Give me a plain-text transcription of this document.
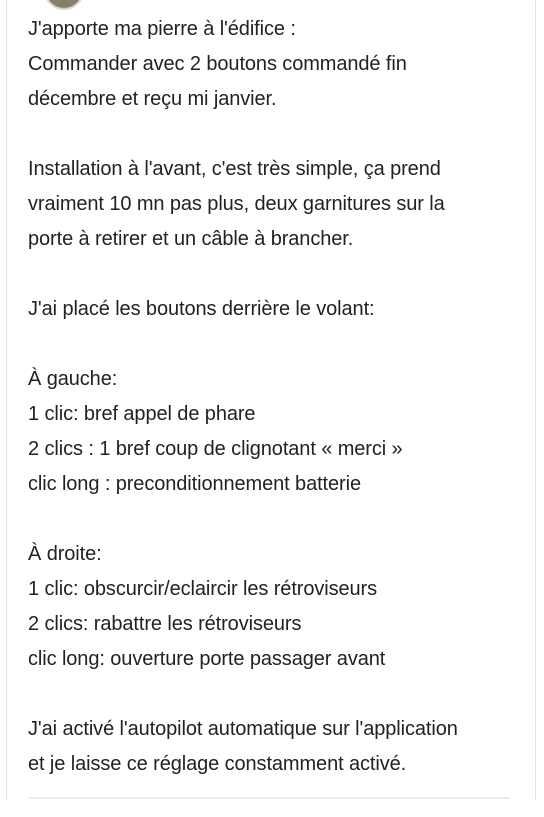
J'apporte ma pierre à l'édifice :
Commander avec 2 boutons commandé fin
décembre et reçu mi janvier.

Installation à l'avant, c'est très simple, ça prend
vraiment 10 mn pas plus, deux garnitures sur la
porte à retirer et un câble à brancher.

J'ai placé les boutons derrière le volant:

À gauche:
1 clic: bref appel de phare
2 clics : 1 bref coup de clignotant « merci »
clic long : preconditionnement batterie

À droite:
1 clic: obscurcir/eclaircir les rétroviseurs
2 clics: rabattre les rétroviseurs
clic long: ouverture porte passager avant

J'ai activé l'autopilot automatique sur l'application
et je laisse ce réglage constamment activé.
